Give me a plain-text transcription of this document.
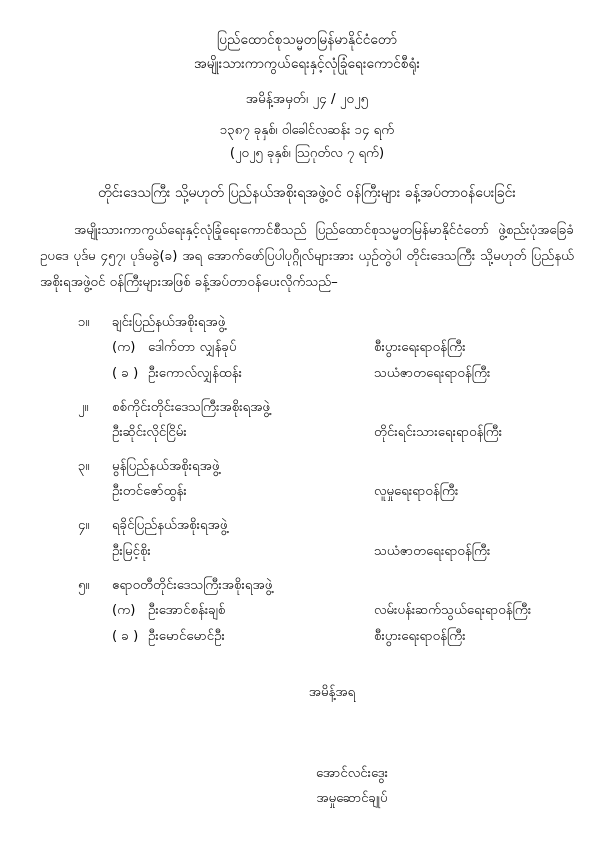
ပြည်ထောင်စုသမ္မတမြန်မာနိုင်ငံတော်
အမျိုးသားကာကွယ်ရေးနှင့်လုံခြုံရေးကောင်စီရုံး
အမိန့်အမှတ်၊ ၂၄ / ၂၀၂၅
၁၃၈၇ ခုနှစ်၊ ဝါခေါင်လဆန်း ၁၄ ရက်
(၂၀၂၅ ခုနှစ်၊ သြဂုတ်လ ၇ ရက်)
တိုင်းဒေသကြီး သို့မဟုတ် ပြည်နယ်အစိုးရအဖွဲ့ဝင် ဝန်ကြီးများ ခန့်အပ်တာဝန်ပေးခြင်း
အမျိုးသားကာကွယ်ရေးနှင့်လုံခြုံရေးကောင်စီသည် ပြည်ထောင်စုသမ္မတမြန်မာနိုင်ငံတော် ဖွဲ့စည်းပုံအခြေခံဥပဒေ ပုဒ်မ ၄၅၇၊ ပုဒ်မခွဲ(ခ) အရ အောက်ဖော်ပြပါပုဂ္ဂိုလ်များအား ယှဉ်တွဲပါ တိုင်းဒေသကြီး သို့မဟုတ် ပြည်နယ်အစိုးရအဖွဲ့ဝင် ဝန်ကြီးများအဖြစ် ခန့်အပ်တာဝန်ပေးလိုက်သည်–
၁။	ချင်းပြည်နယ်အစိုးရအဖွဲ့
(က) ဒေါက်တာ လျှန်ခုပ်	စီးပွားရေးရာဝန်ကြီး
( ခ ) ဦးကောလ်လျှန်ထန်း	သယံဇာတရေးရာဝန်ကြီး
၂။	စစ်ကိုင်းတိုင်းဒေသကြီးအစိုးရအဖွဲ့
ဦးဆိုင်းလိုင်ငြိမ်း	တိုင်းရင်းသားရေးရာဝန်ကြီး
၃။	မွန်ပြည်နယ်အစိုးရအဖွဲ့
ဦးတင်ဇော်ထွန်း	လူမှုရေးရာဝန်ကြီး
၄။	ရခိုင်ပြည်နယ်အစိုးရအဖွဲ့
ဦးမြင့်စိုး	သယံဇာတရေးရာဝန်ကြီး
၅။	ဧရာဝတီတိုင်းဒေသကြီးအစိုးရအဖွဲ့
(က) ဦးအောင်စန်းချစ်	လမ်းပန်းဆက်သွယ်ရေးရာဝန်ကြီး
( ခ ) ဦးမောင်မောင်ဦး	စီးပွားရေးရာဝန်ကြီး
အမိန့်အရ
အောင်လင်းဒွေး
အမှုဆောင်ချုပ်
